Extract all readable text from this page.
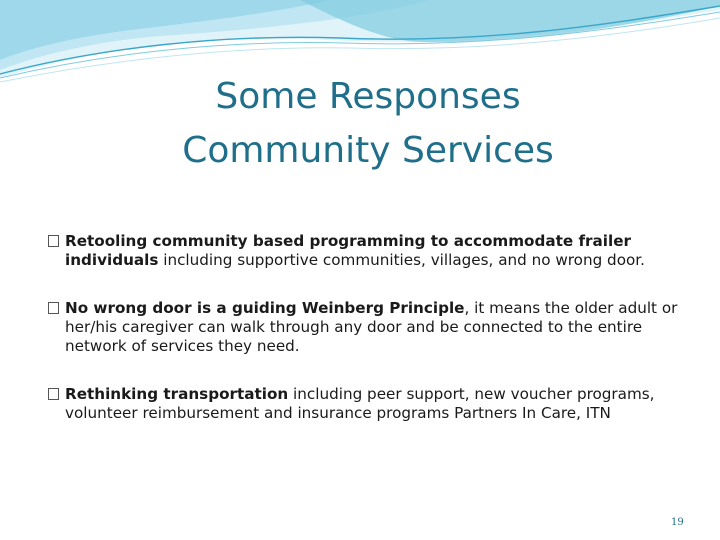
Some Responses
Community Services
Retooling community based programming to accommodate frailer individuals including supportive communities, villages, and no wrong door.
No wrong door is a guiding Weinberg Principle, it means the older adult or her/his caregiver can walk through any door and be connected to the entire network of services they need.
Rethinking transportation including peer support, new voucher programs, volunteer reimbursement and insurance programs Partners In Care, ITN
19
